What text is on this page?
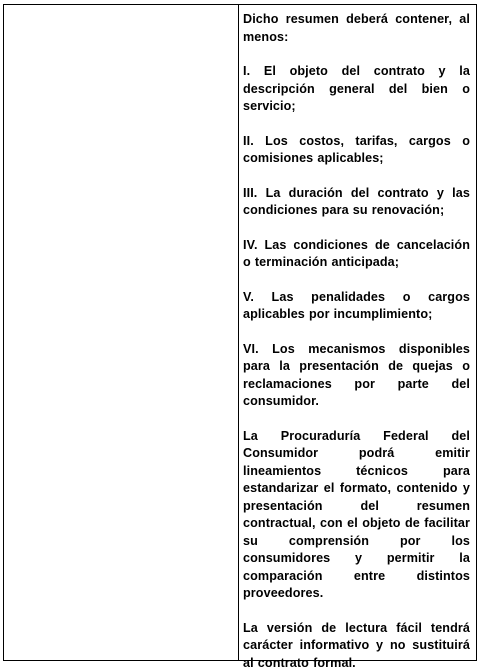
Dicho resumen deberá contener, al menos:

I. El objeto del contrato y la descripción general del bien o servicio;

II. Los costos, tarifas, cargos o comisiones aplicables;

III. La duración del contrato y las condiciones para su renovación;

IV. Las condiciones de cancelación o terminación anticipada;

V. Las penalidades o cargos aplicables por incumplimiento;

VI. Los mecanismos disponibles para la presentación de quejas o reclamaciones por parte del consumidor.

La Procuraduría Federal del Consumidor podrá emitir lineamientos técnicos para estandarizar el formato, contenido y presentación del resumen contractual, con el objeto de facilitar su comprensión por los consumidores y permitir la comparación entre distintos proveedores.

La versión de lectura fácil tendrá carácter informativo y no sustituirá al contrato formal.
